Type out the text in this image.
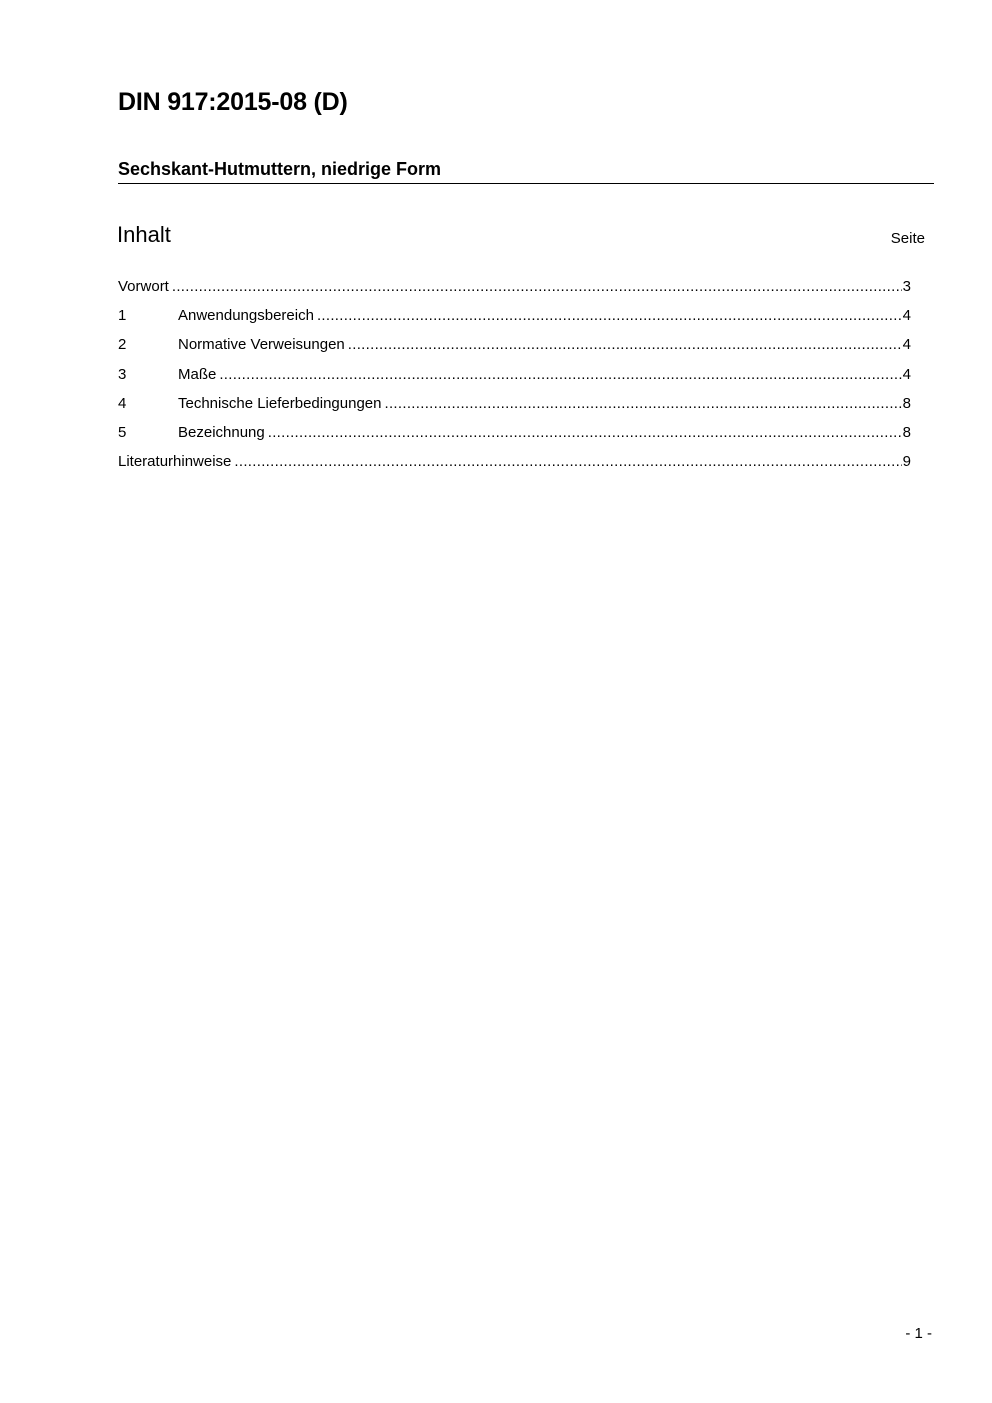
DIN 917:2015-08 (D)
Sechskant-Hutmuttern, niedrige Form
Inhalt	Seite
Vorwort .....	3
1	Anwendungsbereich .....	4
2	Normative Verweisungen .....	4
3	Maße .....	4
4	Technische Lieferbedingungen .....	8
5	Bezeichnung .....	8
Literaturhinweise .....	9
- 1 -
